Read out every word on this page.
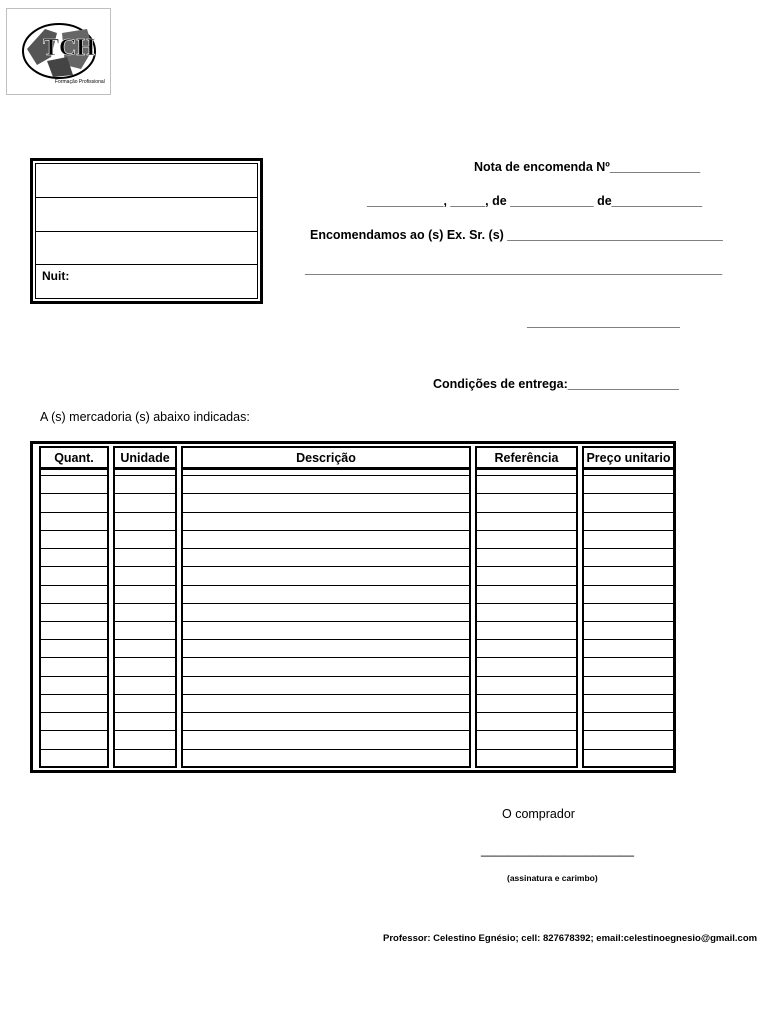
TCH
Formação Profissional
Nuit:
Nota de encomenda Nº_____________
___________, _____, de ____________ de_____________
Encomendamos ao (s) Ex. Sr. (s) _______________________________
____________________________________________________________
______________________
Condições de entrega:________________
A (s) mercadoria (s) abaixo indicadas:
Quant.	Unidade	Descrição	Referência	Preço unitario

O comprador
______________________
(assinatura e carimbo)
Professor: Celestino Egnésio; cell: 827678392; email:celestinoegnesio@gmail.com
